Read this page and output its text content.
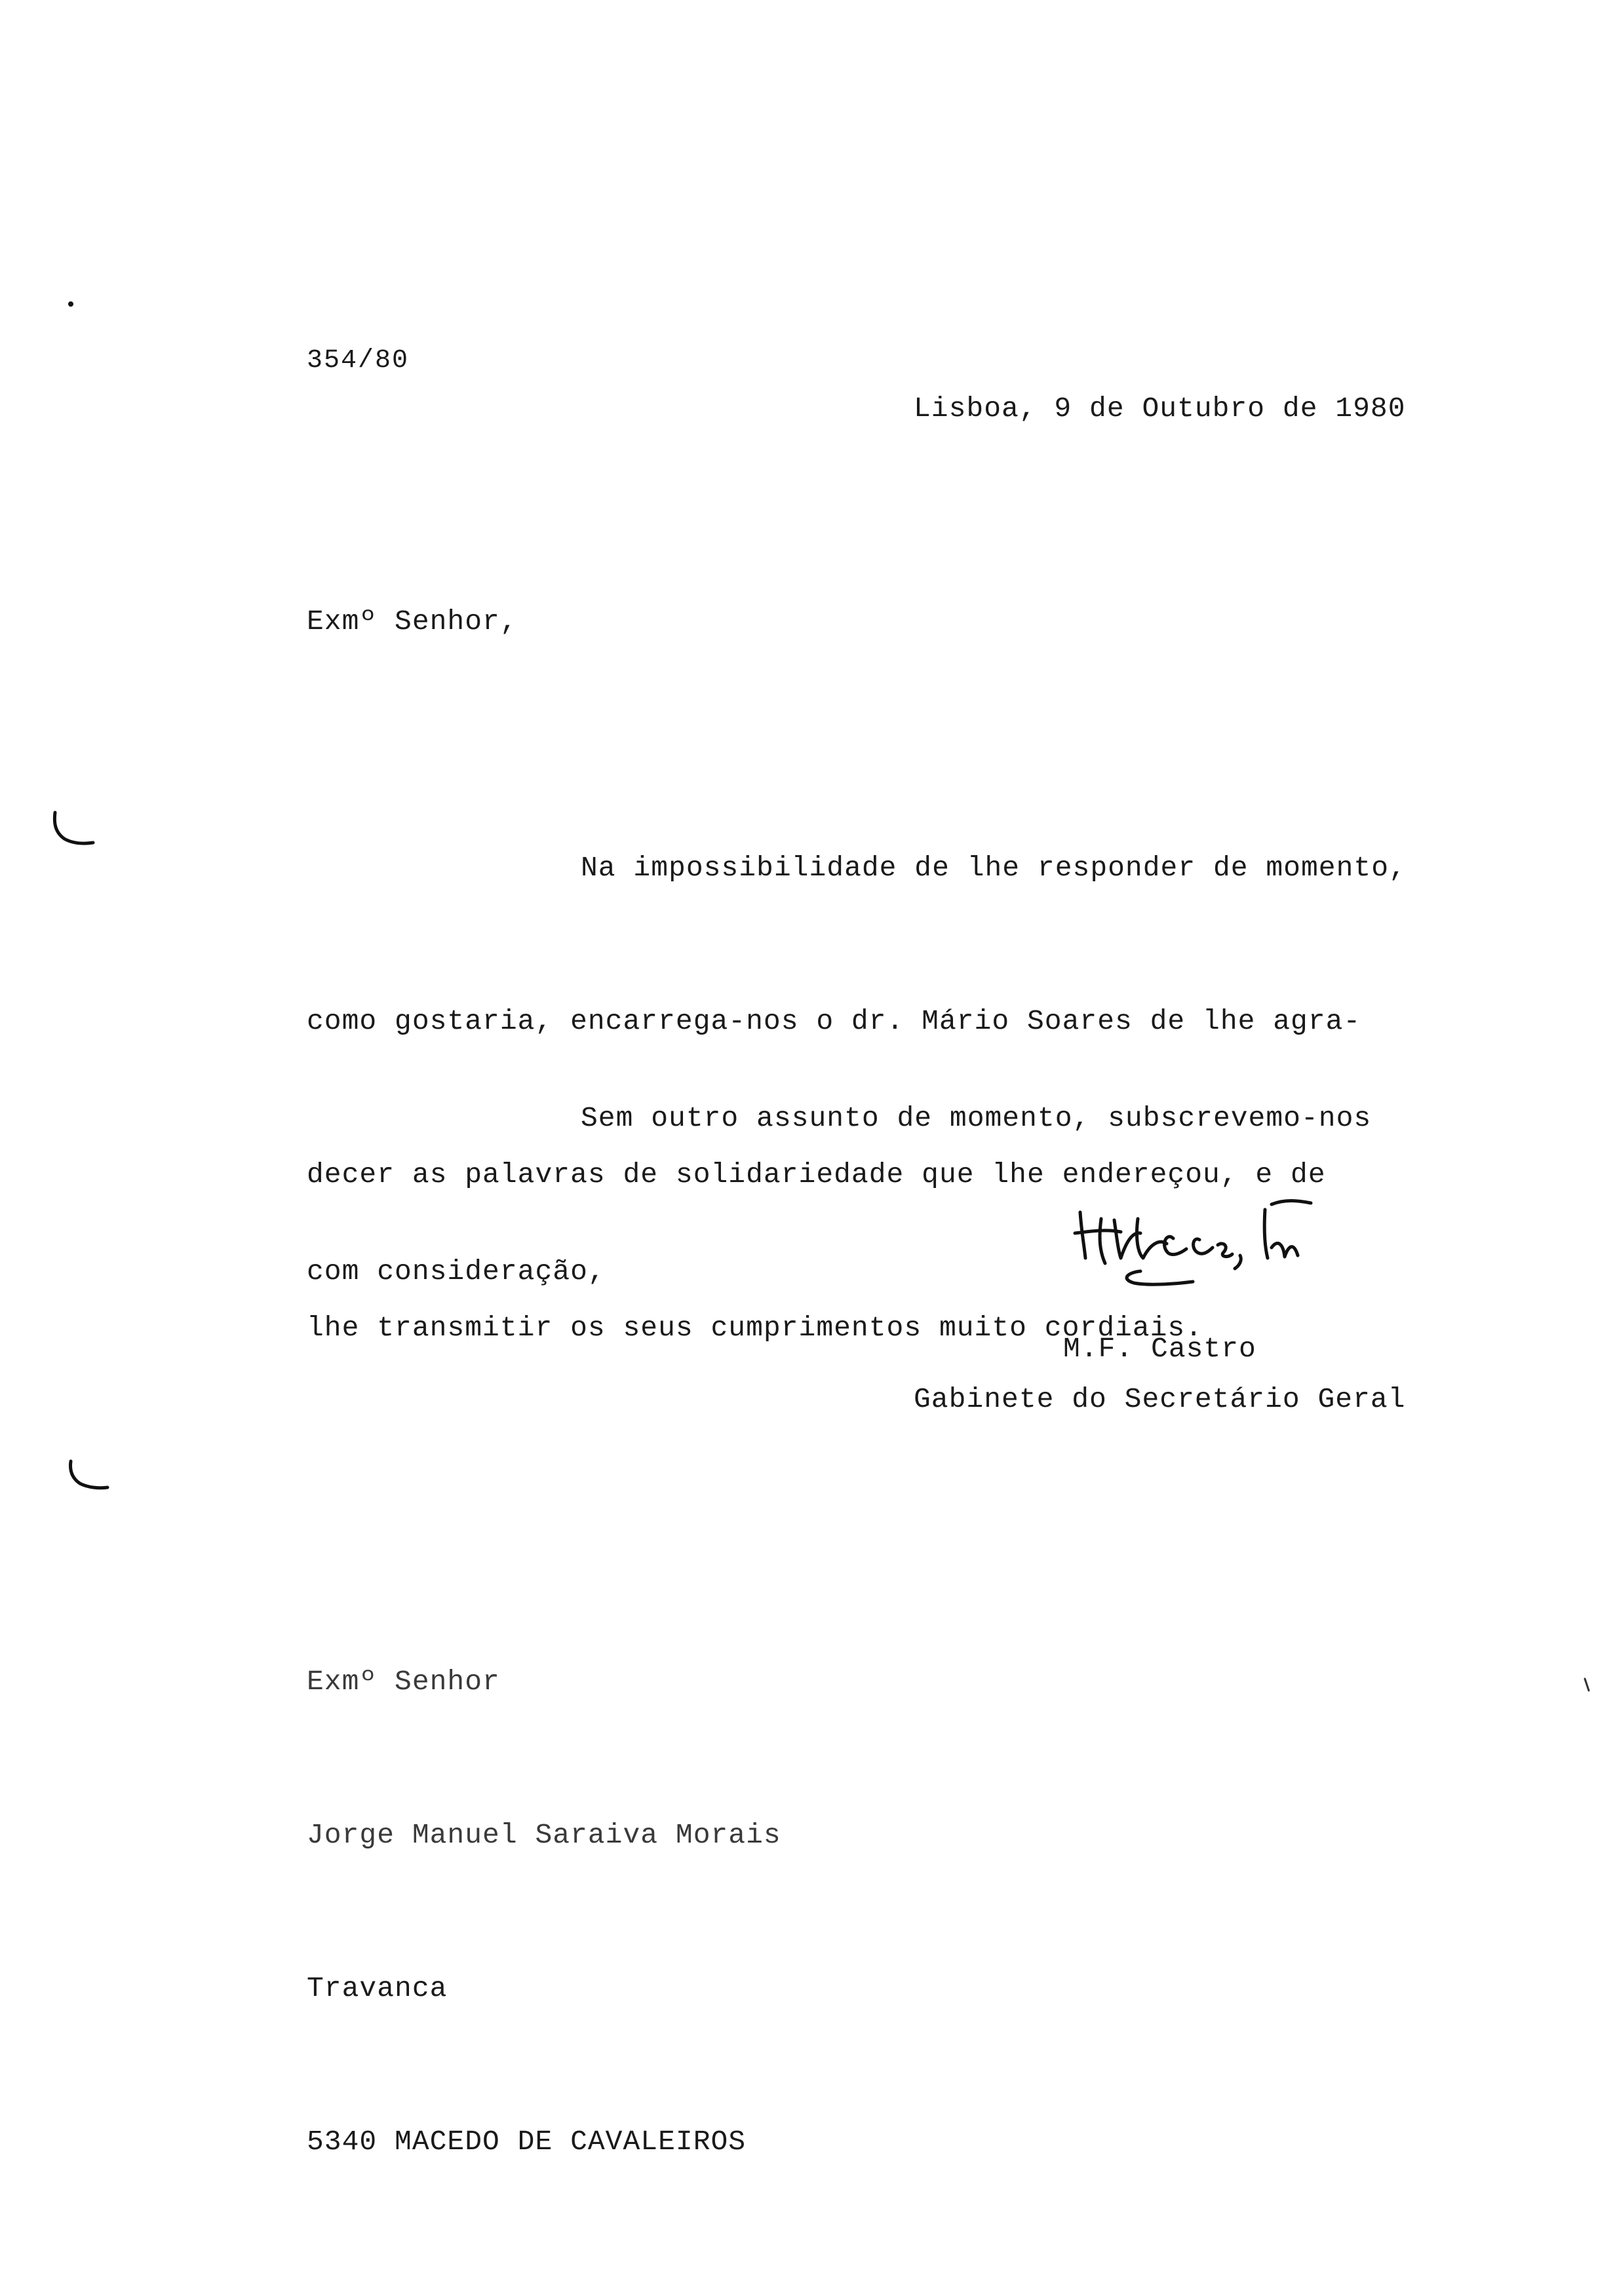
354/80
Lisboa, 9 de Outubro de 1980
Exmº Senhor,

Na impossibilidade de lhe responder de momento,

como gostaria, encarrega-nos o dr. Mário Soares de lhe agra-

decer as palavras de solidariedade que lhe endereçou, e de

lhe transmitir os seus cumprimentos muito cordiais.

Sem outro assunto de momento, subscrevemo-nos

com consideração,

M.F. Castro
Gabinete do Secretário Geral

Exmº Senhor

Jorge Manuel Saraiva Morais

Travanca

5340 MACEDO DE CAVALEIROS
